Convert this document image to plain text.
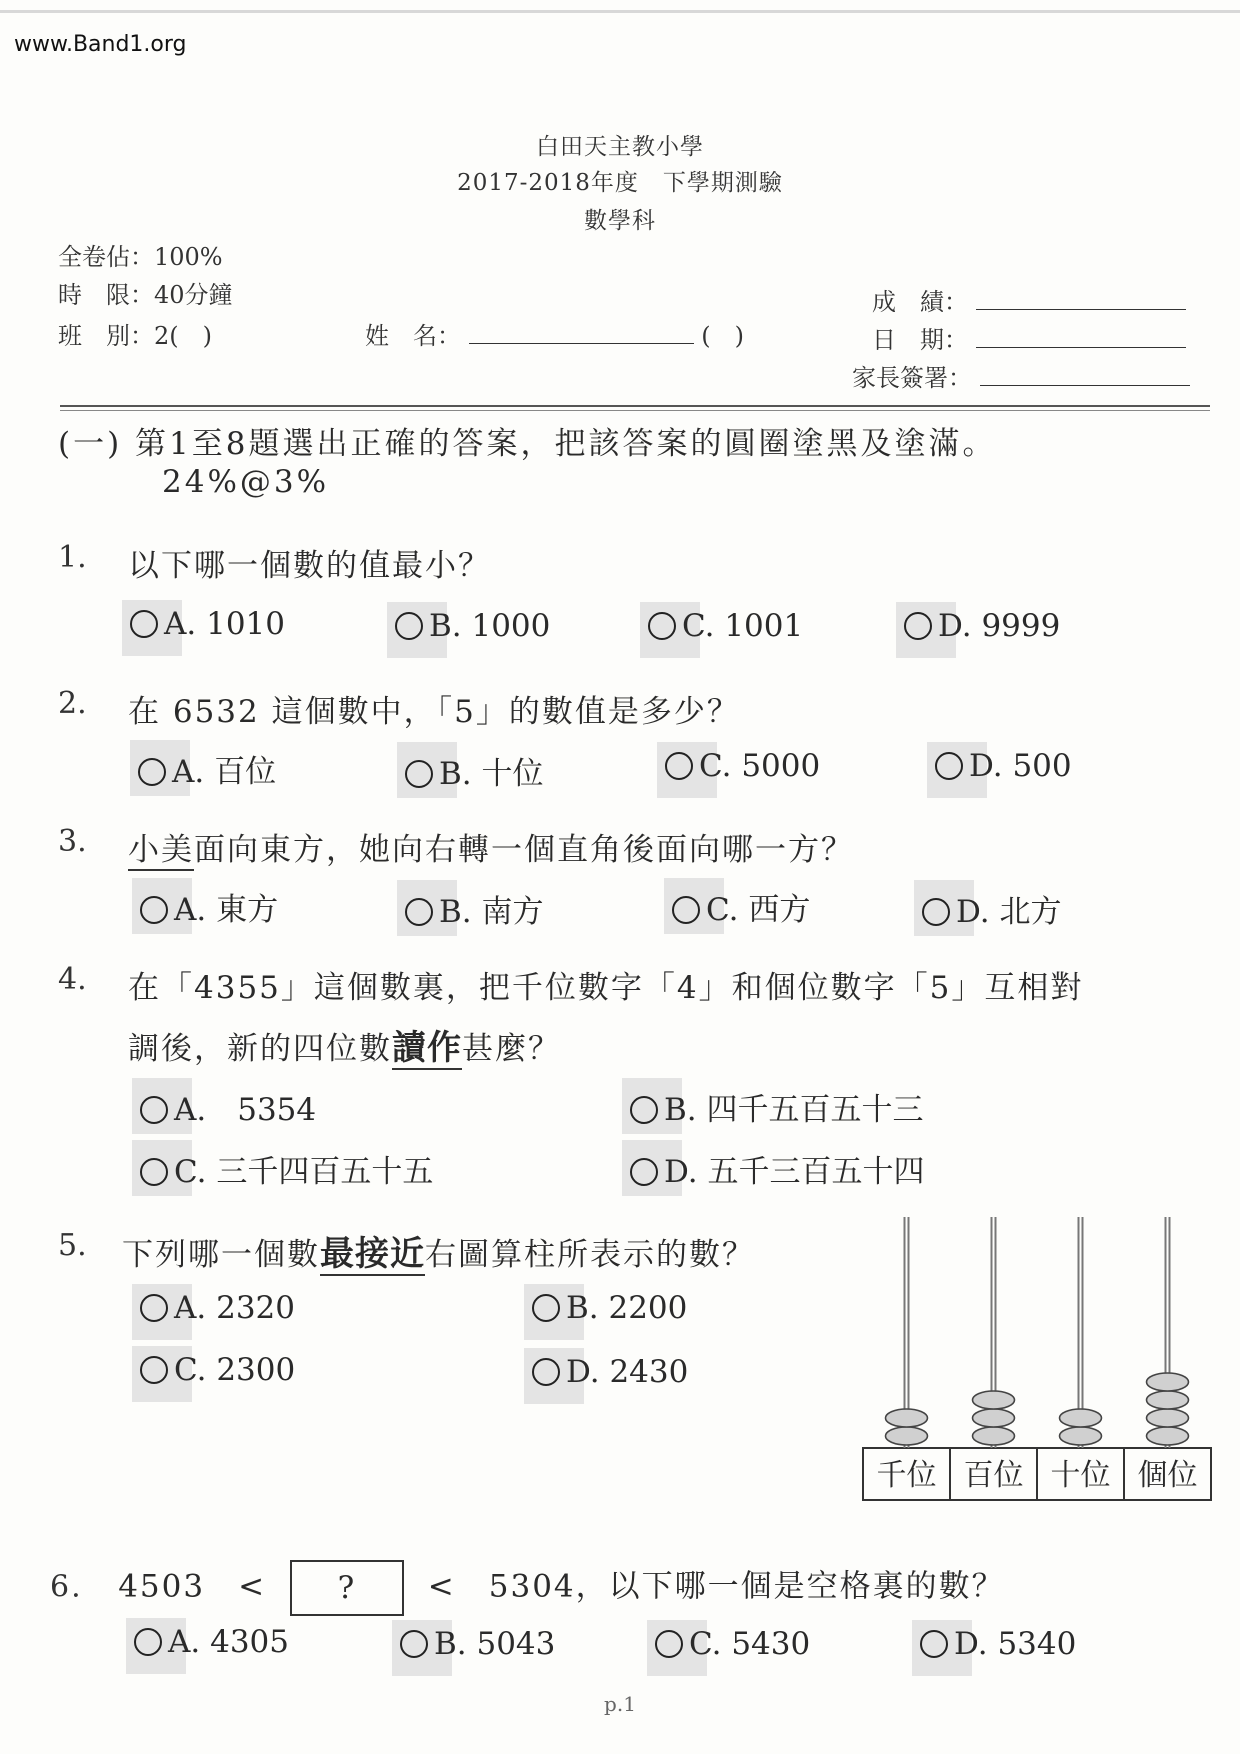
www.Band1.org
白田天主教小學
2017-2018年度　下學期測驗
數學科
全卷佔：100%
時　限：40分鐘
班　別：2(　)	姓　名：	(　)
成　績：
日　期：
家長簽署：
(一) 第1至8題選出正確的答案，把該答案的圓圈塗黑及塗滿。
24%@3%
1. 以下哪一個數的值最小？
A. 1010	B. 1000	C. 1001	D. 9999
2. 在 6532 這個數中，「5」的數值是多少？
A. 百位	B. 十位	C. 5000	D. 500
3. 小美面向東方，她向右轉一個直角後面向哪一方？
A. 東方	B. 南方	C. 西方	D. 北方
4. 在「4355」這個數裏，把千位數字「4」和個位數字「5」互相對
調後，新的四位數讀作甚麼？
A.　5354	B. 四千五百五十三
C. 三千四百五十五	D. 五千三百五十四
5. 下列哪一個數最接近右圖算柱所表示的數？
A. 2320	B. 2200
C. 2300	D. 2430
千位 百位 十位 個位
6. 4503　< ? <　5304，以下哪一個是空格裏的數？
A. 4305	B. 5043	C. 5430	D. 5340
p.1
